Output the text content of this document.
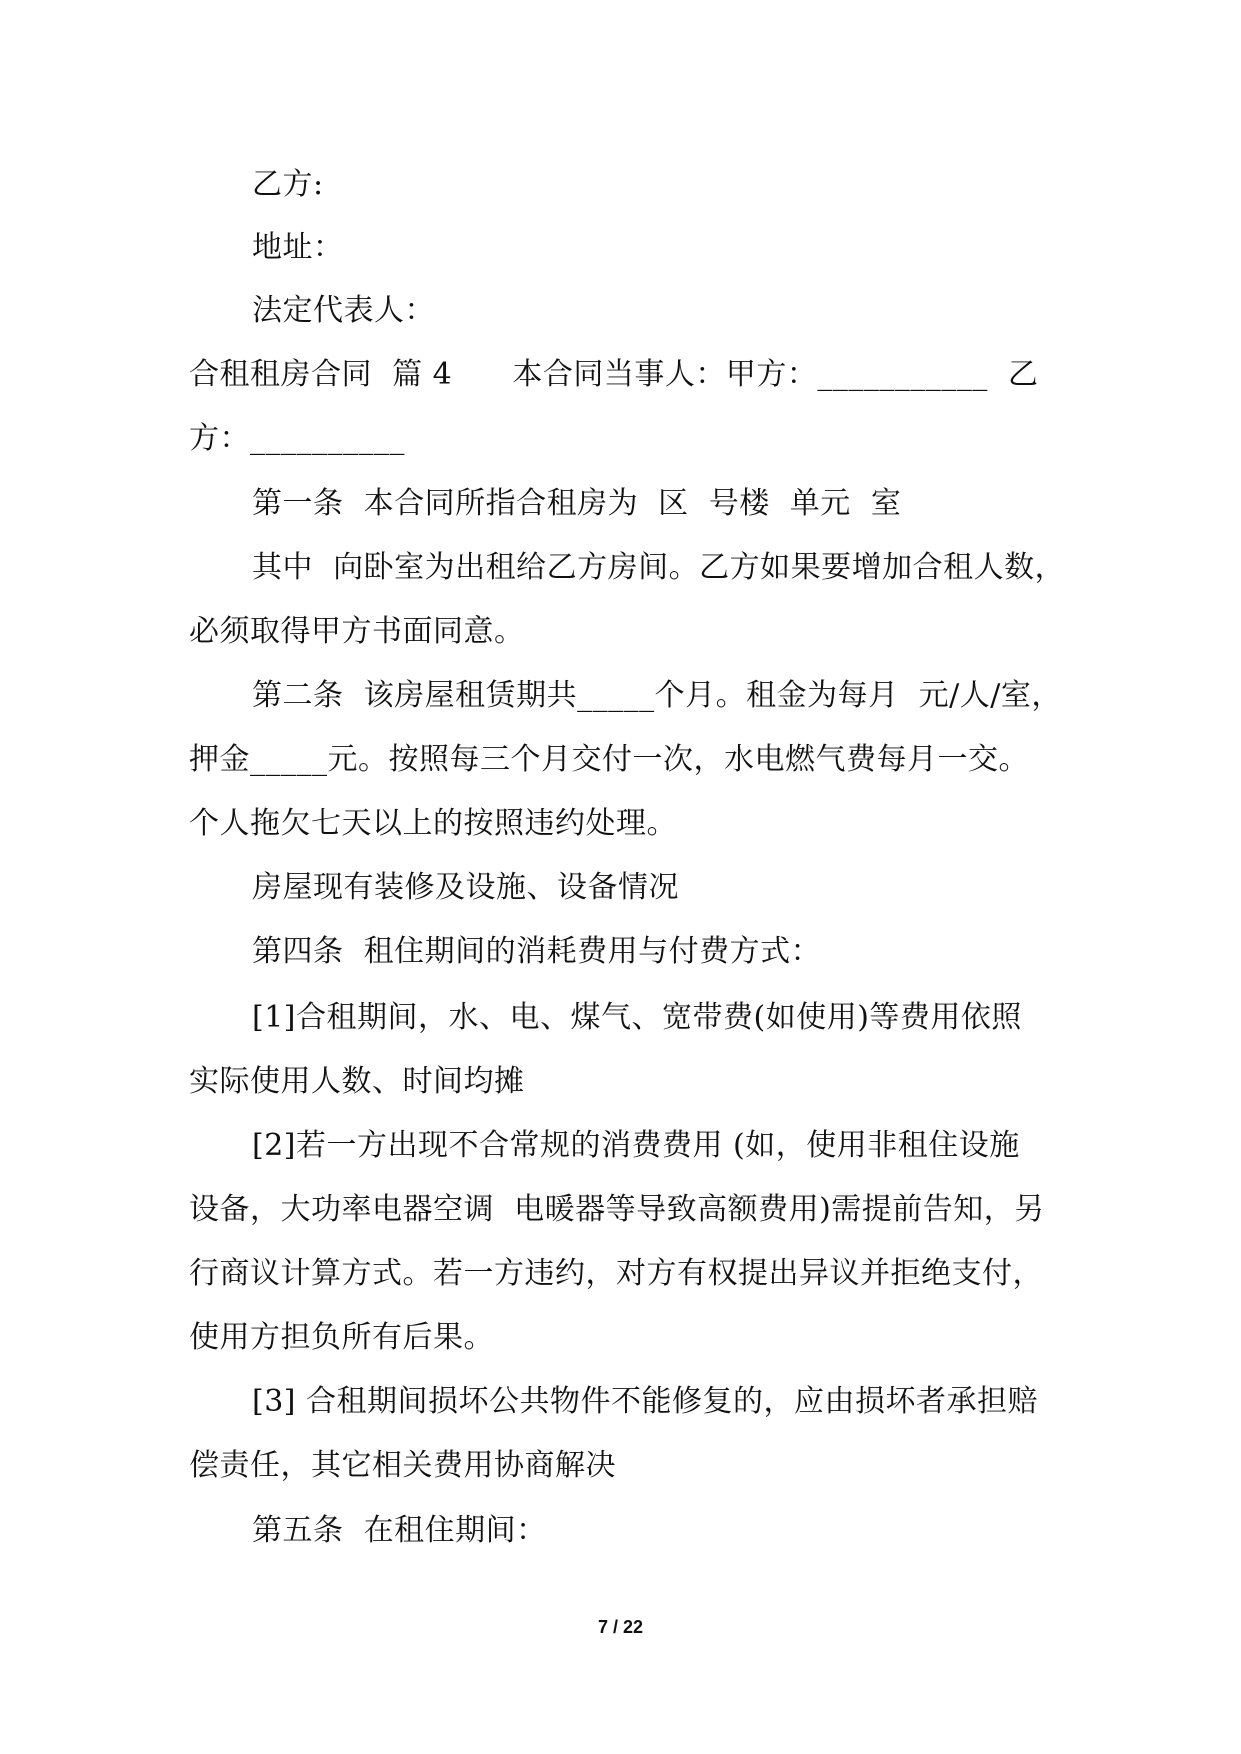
乙方:
地址：
法定代表人：
合租租房合同  篇 4      本合同当事人：甲方：___________  乙
方：__________
第一条  本合同所指合租房为  区  号楼  单元  室
其中  向卧室为出租给乙方房间。乙方如果要增加合租人数，
必须取得甲方书面同意。
第二条  该房屋租赁期共_____个月。租金为每月  元/人/室，
押金_____元。按照每三个月交付一次，水电燃气费每月一交。
个人拖欠七天以上的按照违约处理。
房屋现有装修及设施、设备情况
第四条  租住期间的消耗费用与付费方式：
[1]合租期间，水、电、煤气、宽带费(如使用)等费用依照
实际使用人数、时间均摊
[2]若一方出现不合常规的消费费用 (如，使用非租住设施
设备，大功率电器空调  电暖器等导致高额费用)需提前告知，另
行商议计算方式。若一方违约，对方有权提出异议并拒绝支付，
使用方担负所有后果。
[3] 合租期间损坏公共物件不能修复的，应由损坏者承担赔
偿责任，其它相关费用协商解决
第五条  在租住期间：
7 / 22
